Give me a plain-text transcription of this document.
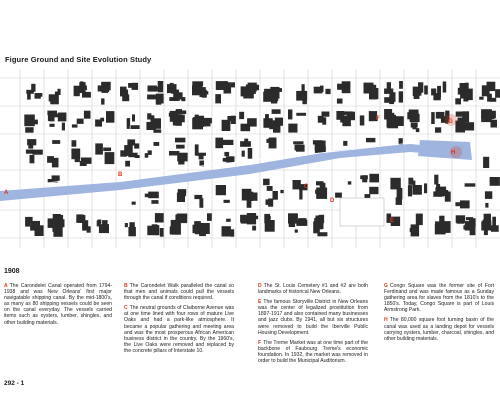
Figure Ground and Site Evolution Study
A
B
C
D
E
F	G
H
1908

A The Carondelet Canal operated from 1794-1938 and was New Orleans' first major navigatable shipping canal. By the mid-1800's, as many as 80 shipping vessels could be seen on the canal everyday. The vessels carried items such as oysters, lumber, shingles, and other building materials.

B The Carondelet Walk paralleled the canal so that men and animals could pull the vessels through the canal if conditions required.

C The neutral grounds of Claiborne Avenue was at one time lined with four rows of mature Live Oaks and had a park-like atmosphere. It became a popular gathering and meeting area and was the most prosperous African American business district in the country. By the 1960's, the Live Oaks were removed and replaced by the concrete pillars of Interstate 10.

D The St. Louis Cemetery #1 and #2 are both landmarks of historical New Orleans.

E The famous Storyville District in New Orleans was the center of legalized prostitution from 1897-1917 and also contained many businesses and jazz clubs. By 1941, all but six structures were removed to build the Iberville Public Housing Development.

F The Treme Market was at one time part of the backbone of Faubourg Treme's economic foundation. In 1932, the market was removed in order to build the Municipal Auditorium.

G Congo Square was the former site of Fort Ferdinand and was made famous as a Sunday gathering area for slaves from the 1810's to the 1850's. Today, Congo Square is part of Louis Armstrong Park.

H The 80,000 square foot turning basin of the canal was used as a landing depot for vessels carrying oysters, lumber, charcoal, shingles, and other building materials.

292 - 1
